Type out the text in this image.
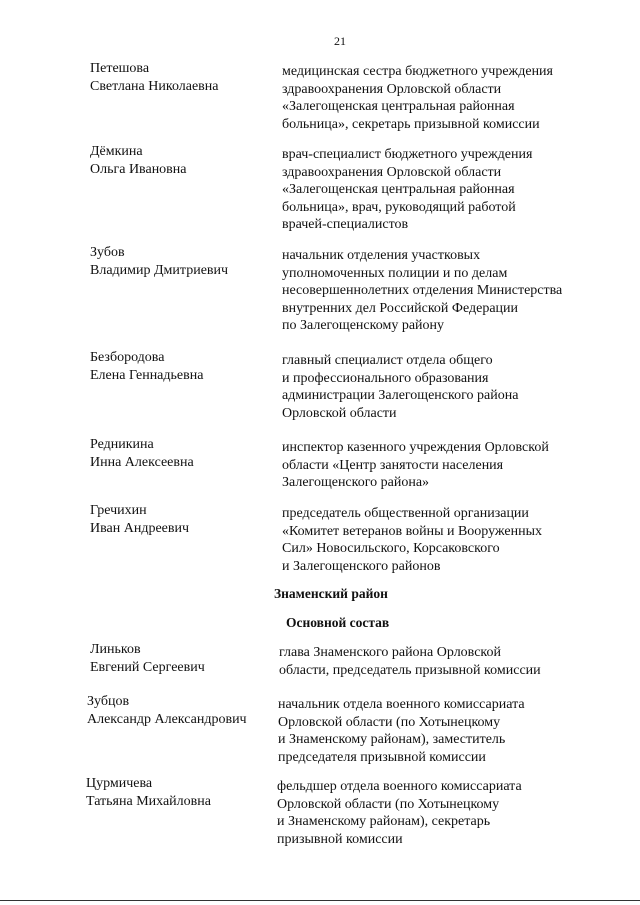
21
Петешова
Светлана Николаевна
медицинская сестра бюджетного учреждения
здравоохранения Орловской области
«Залегощенская центральная районная
больница», секретарь призывной комиссии
Дёмкина
Ольга Ивановна
врач-специалист бюджетного учреждения
здравоохранения Орловской области
«Залегощенская центральная районная
больница», врач, руководящий работой
врачей-специалистов
Зубов
Владимир Дмитриевич
начальник отделения участковых
уполномоченных полиции и по делам
несовершеннолетних отделения Министерства
внутренних дел Российской Федерации
по Залегощенскому району
Безбородова
Елена Геннадьевна
главный специалист отдела общего
и профессионального образования
администрации Залегощенского района
Орловской области
Редникина
Инна Алексеевна
инспектор казенного учреждения Орловской
области «Центр занятости населения
Залегощенского района»
Гречихин
Иван Андреевич
председатель общественной организации
«Комитет ветеранов войны и Вооруженных
Сил» Новосильского, Корсаковского
и Залегощенского районов
Знаменский район
Основной состав
Линьков
Евгений Сергеевич
глава Знаменского района Орловской
области, председатель призывной комиссии
Зубцов
Александр Александрович
начальник отдела военного комиссариата
Орловской области (по Хотынецкому
и Знаменскому районам), заместитель
председателя призывной комиссии
Цурмичева
Татьяна Михайловна
фельдшер отдела военного комиссариата
Орловской области (по Хотынецкому
и Знаменскому районам), секретарь
призывной комиссии
